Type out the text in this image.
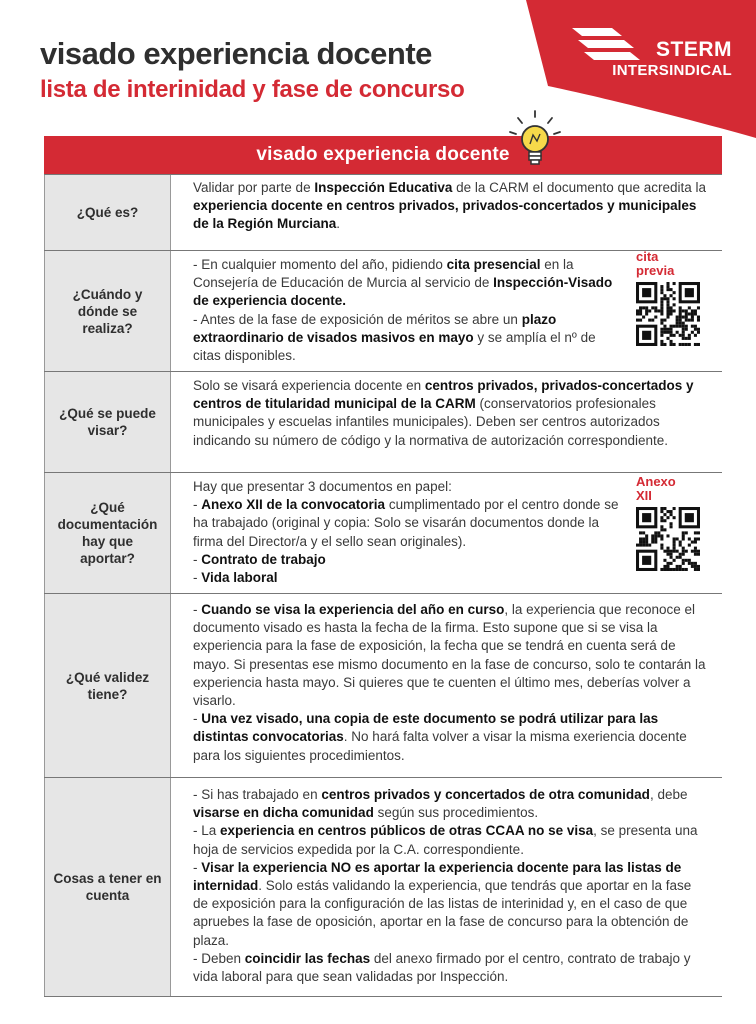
STERM
INTERSINDICAL
visado experiencia docente
lista de interinidad y fase de concurso
visado experiencia docente
¿Qué es?

Validar por parte de Inspección Educativa de la CARM el documento que acredita la experiencia docente en centros privados, privados-concertados y municipales de la Región Murciana.

¿Cuándo y dónde se realiza?

- En cualquier momento del año, pidiendo cita presencial en la Consejería de Educación de Murcia al servicio de Inspección-Visado de experiencia docente.

- Antes de la fase de exposición de méritos se abre un plazo extraordinario de visados masivos en mayo y se amplía el nº de citas disponibles.

¿Qué se puede visar?

Solo se visará experiencia docente en centros privados, privados-concertados y centros de titularidad municipal de la CARM (conservatorios profesionales municipales y escuelas infantiles municipales). Deben ser centros autorizados indicando su número de código y la normativa de autorización correspondiente.

¿Qué documentación hay que aportar?

Hay que presentar 3 documentos en papel:

- Anexo XII de la convocatoria cumplimentado por el centro donde se ha trabajado (original y copia: Solo se visarán documentos donde la firma del Director/a y el sello sean originales).

- Contrato de trabajo

- Vida laboral

¿Qué validez tiene?

- Cuando se visa la experiencia del año en curso, la experiencia que reconoce el documento visado es hasta la fecha de la firma. Esto supone que si se visa la experiencia para la fase de exposición, la fecha que se tendrá en cuenta será de mayo. Si presentas ese mismo documento en la fase de concurso, solo te contarán la experiencia hasta mayo. Si quieres que te cuenten el último mes, deberías volver a visarlo.

- Una vez visado, una copia de este documento se podrá utilizar para las distintas convocatorias. No hará falta volver a visar la misma exeriencia docente para los siguientes procedimientos.

Cosas a tener en cuenta

- Si has trabajado en centros privados y concertados de otra comunidad, debe visarse en dicha comunidad según sus procedimientos.

- La experiencia en centros públicos de otras CCAA no se visa, se presenta una hoja de servicios expedida por la C.A. correspondiente.

- Visar la experiencia NO es aportar la experiencia docente para las listas de internidad. Solo estás validando la experiencia, que tendrás que aportar en la fase de exposición para la configuración de las listas de interinidad y, en el caso de que apruebes la fase de oposición, aportar en la fase de concurso para la obtención de plaza.

- Deben coincidir las fechas del anexo firmado por el centro, contrato de trabajo y vida laboral para que sean validadas por Inspección.

cita previa
Anexo XII
